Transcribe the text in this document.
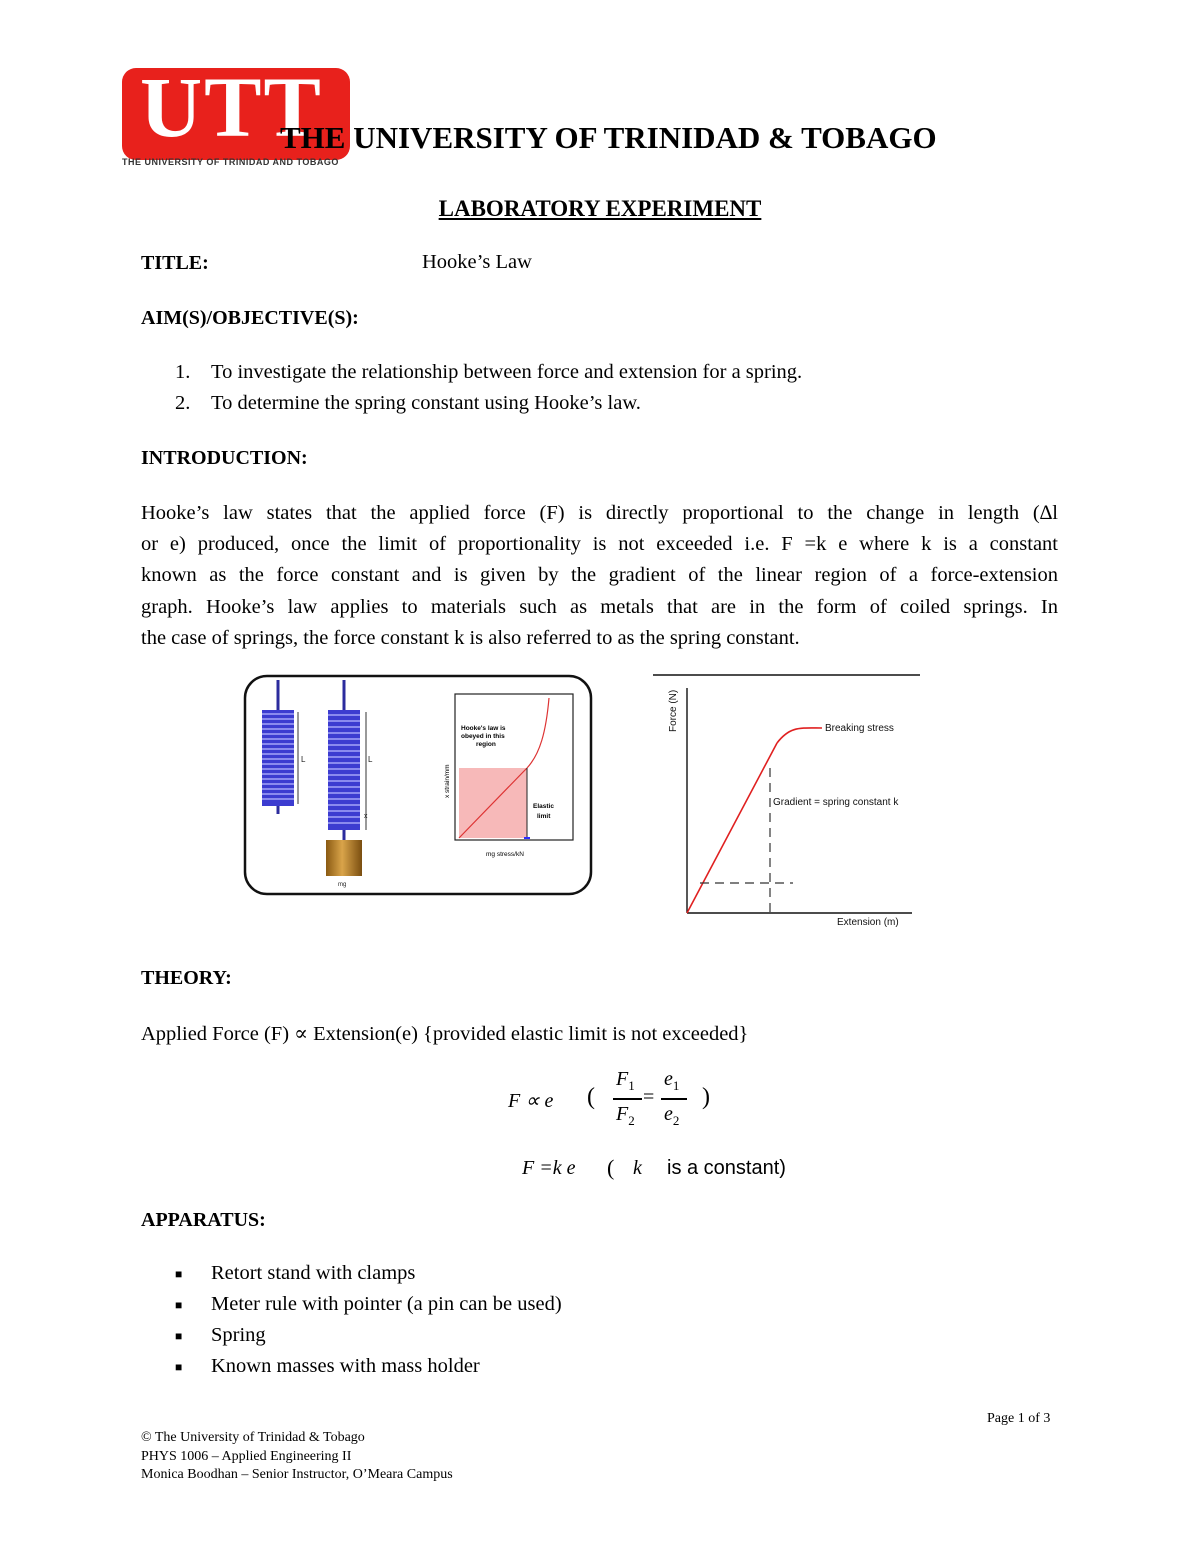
UTT
THE UNIVERSITY OF TRINIDAD AND TOBAGO
THE UNIVERSITY OF TRINIDAD & TOBAGO
LABORATORY EXPERIMENT
TITLE:	Hooke’s Law
AIM(S)/OBJECTIVE(S):
1. To investigate the relationship between force and extension for a spring.
2. To determine the spring constant using Hooke’s law.
INTRODUCTION:
Hooke’s law states that the applied force (F) is directly proportional to the change in length (∆l
or e) produced, once the limit of proportionality is not exceeded i.e. F =k e where k is a constant
known as the force constant and is given by the gradient of the linear region of a force-extension
graph. Hooke’s law applies to materials such as metals that are in the form of coiled springs. In
the case of springs, the force constant k is also referred to as the spring constant.
L	L
x
mg
Hooke's law is
obeyed in this
region
Elastic
limit
x strain/mm
mg stress/kN
Force (N)
Extension (m)
Breaking stress
Gradient = spring constant k
THEORY:
Applied Force (F) ∝ Extension(e) {provided elastic limit is not exceeded}
F ∝ e (
$F_1$
$F_2$
=
$e_1$
$e_2$
)
F =k e ( k is a constant)
APPARATUS:
■ Retort stand with clamps
■ Meter rule with pointer (a pin can be used)
■ Spring
■ Known masses with mass holder
Page 1 of 3
© The University of Trinidad & Tobago
PHYS 1006 – Applied Engineering II
Monica Boodhan – Senior Instructor, O’Meara Campus
